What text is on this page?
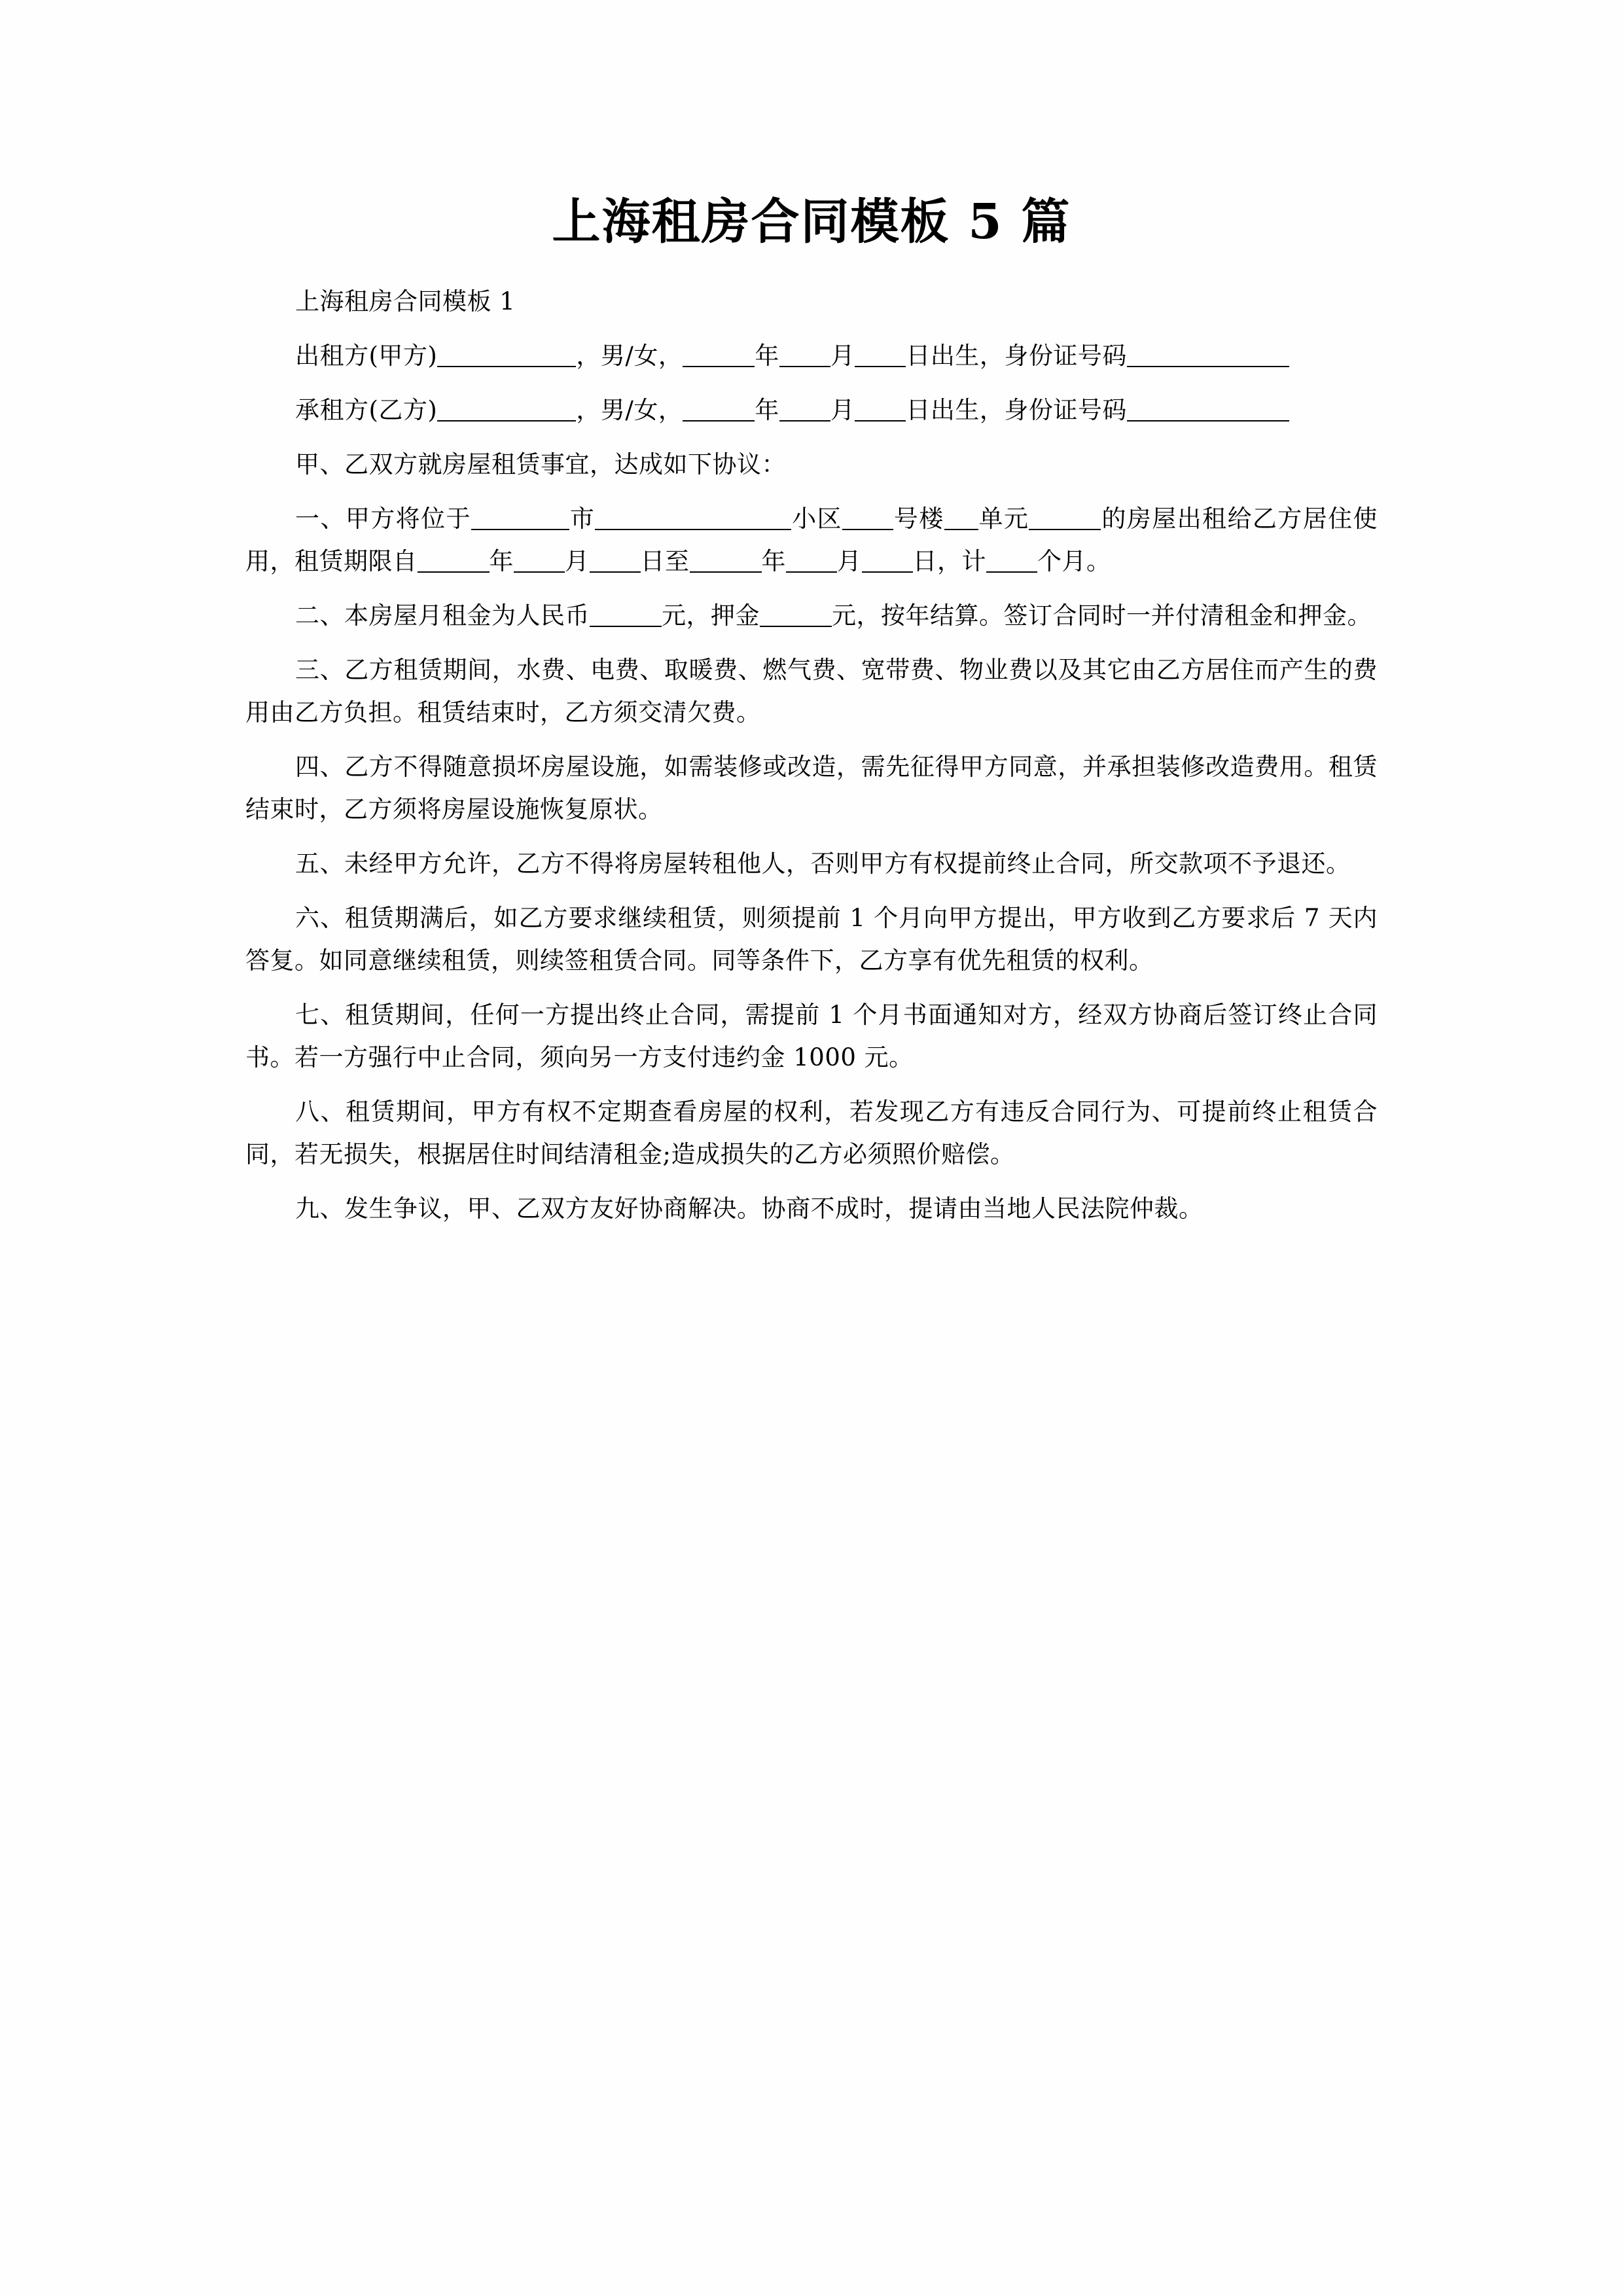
上海租房合同模板 5 篇

上海租房合同模板 1

出租方(甲方)	，男/女，	年 月 日出生，身份证号码

承租方(乙方)	，男/女，	年 月 日出生，身份证号码

甲、乙双方就房屋租赁事宜，达成如下协议：

一、甲方将位于	市	小区 号楼 单元	的房屋出租给乙方居住使用，租赁期限自	年 月 日至	年 月 日，计 个月。

二、本房屋月租金为人民币	元，押金	元，按年结算。签订合同时一并付清租金和押金。

三、乙方租赁期间，水费、电费、取暖费、燃气费、宽带费、物业费以及其它由乙方居住而产生的费用由乙方负担。租赁结束时，乙方须交清欠费。

四、乙方不得随意损坏房屋设施，如需装修或改造，需先征得甲方同意，并承担装修改造费用。租赁结束时，乙方须将房屋设施恢复原状。

五、未经甲方允许，乙方不得将房屋转租他人，否则甲方有权提前终止合同，所交款项不予退还。

六、租赁期满后，如乙方要求继续租赁，则须提前 1 个月向甲方提出，甲方收到乙方要求后 7 天内答复。如同意继续租赁，则续签租赁合同。同等条件下，乙方享有优先租赁的权利。

七、租赁期间，任何一方提出终止合同，需提前 1 个月书面通知对方，经双方协商后签订终止合同书。若一方强行中止合同，须向另一方支付违约金 1000 元。

八、租赁期间，甲方有权不定期查看房屋的权利，若发现乙方有违反合同行为、可提前终止租赁合同，若无损失，根据居住时间结清租金;造成损失的乙方必须照价赔偿。

九、发生争议，甲、乙双方友好协商解决。协商不成时，提请由当地人民法院仲裁。
